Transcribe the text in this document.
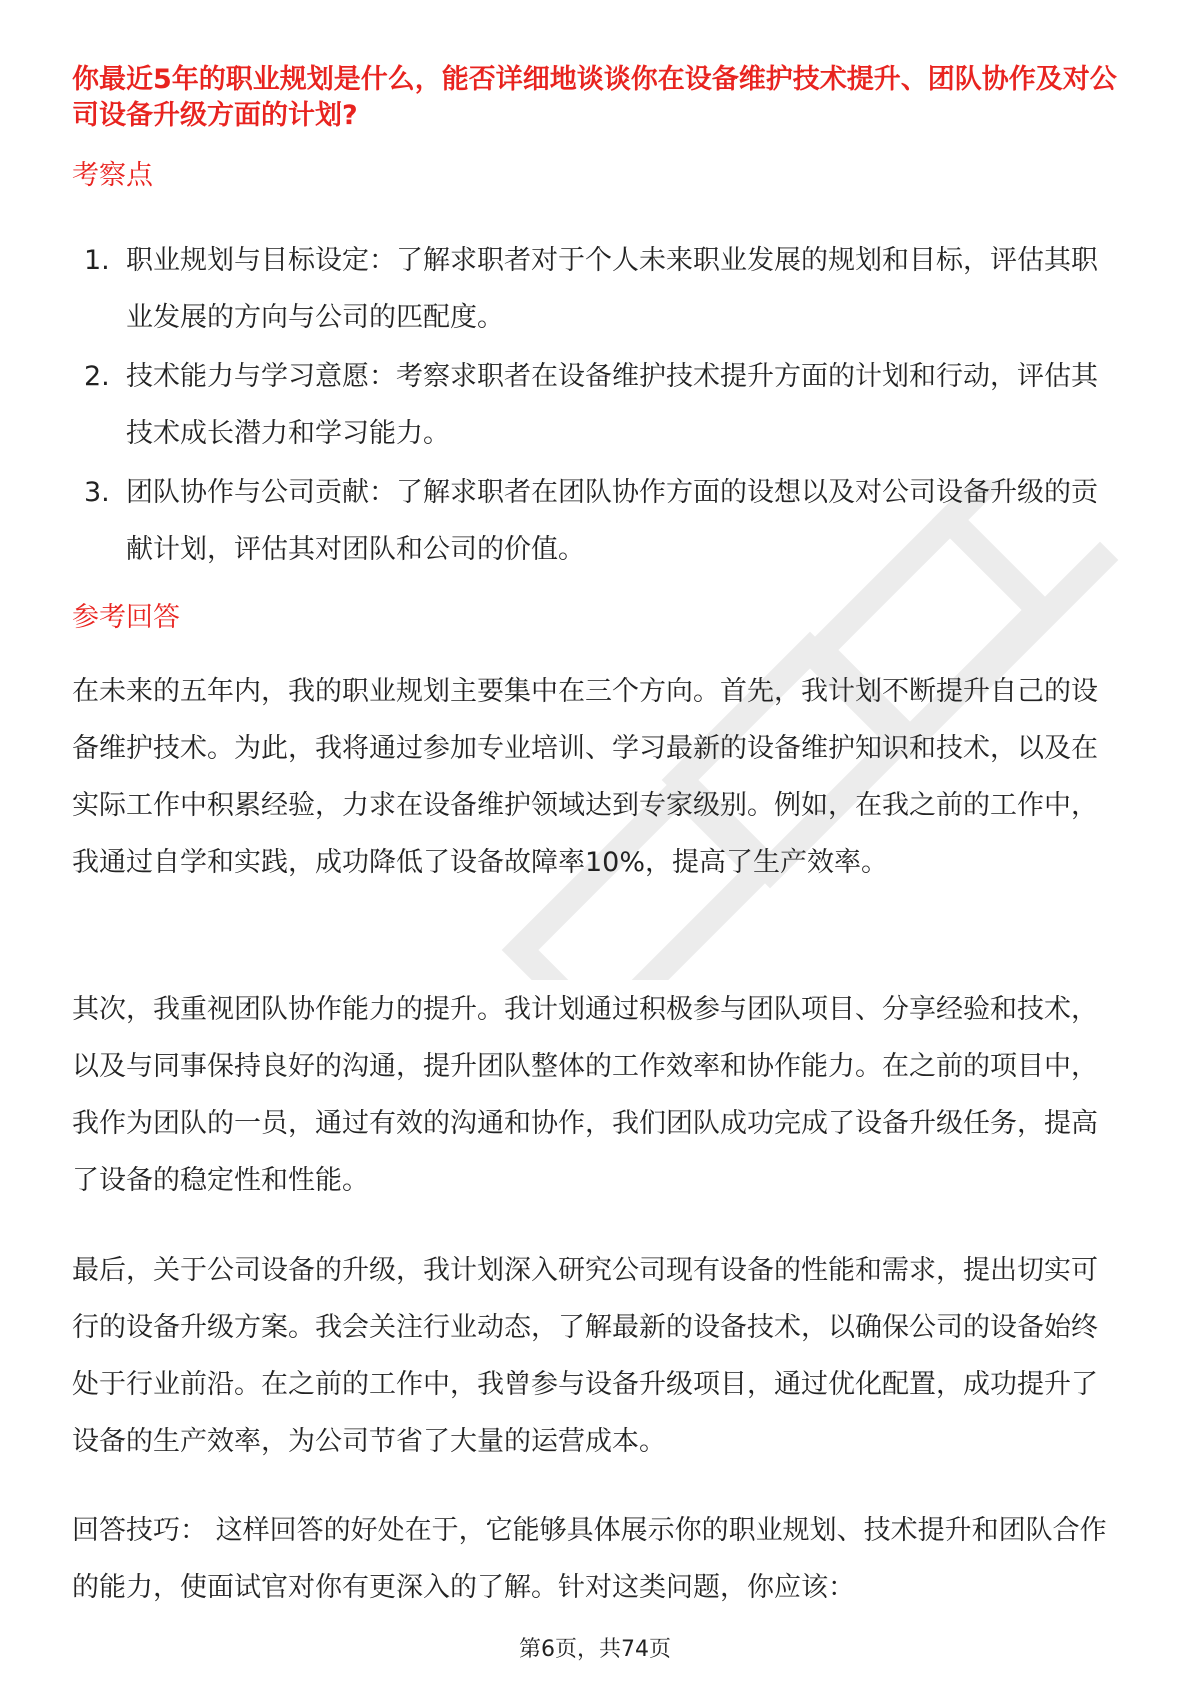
你最近5年的职业规划是什么，能否详细地谈谈你在设备维护技术提升、团队协作及对公司设备升级方面的计划?
考察点
1. 职业规划与目标设定：了解求职者对于个人未来职业发展的规划和目标，评估其职业发展的方向与公司的匹配度。
2. 技术能力与学习意愿：考察求职者在设备维护技术提升方面的计划和行动，评估其技术成长潜力和学习能力。
3. 团队协作与公司贡献：了解求职者在团队协作方面的设想以及对公司设备升级的贡献计划，评估其对团队和公司的价值。
参考回答

在未来的五年内，我的职业规划主要集中在三个方向。首先，我计划不断提升自己的设备维护技术。为此，我将通过参加专业培训、学习最新的设备维护知识和技术，以及在实际工作中积累经验，力求在设备维护领域达到专家级别。例如，在我之前的工作中，我通过自学和实践，成功降低了设备故障率10%，提高了生产效率。

其次，我重视团队协作能力的提升。我计划通过积极参与团队项目、分享经验和技术，以及与同事保持良好的沟通，提升团队整体的工作效率和协作能力。在之前的项目中，我作为团队的一员，通过有效的沟通和协作，我们团队成功完成了设备升级任务，提高了设备的稳定性和性能。

最后，关于公司设备的升级，我计划深入研究公司现有设备的性能和需求，提出切实可行的设备升级方案。我会关注行业动态，了解最新的设备技术，以确保公司的设备始终处于行业前沿。在之前的工作中，我曾参与设备升级项目，通过优化配置，成功提升了设备的生产效率，为公司节省了大量的运营成本。

回答技巧： 这样回答的好处在于，它能够具体展示你的职业规划、技术提升和团队合作的能力，使面试官对你有更深入的了解。针对这类问题，你应该：

第6页，共74页
